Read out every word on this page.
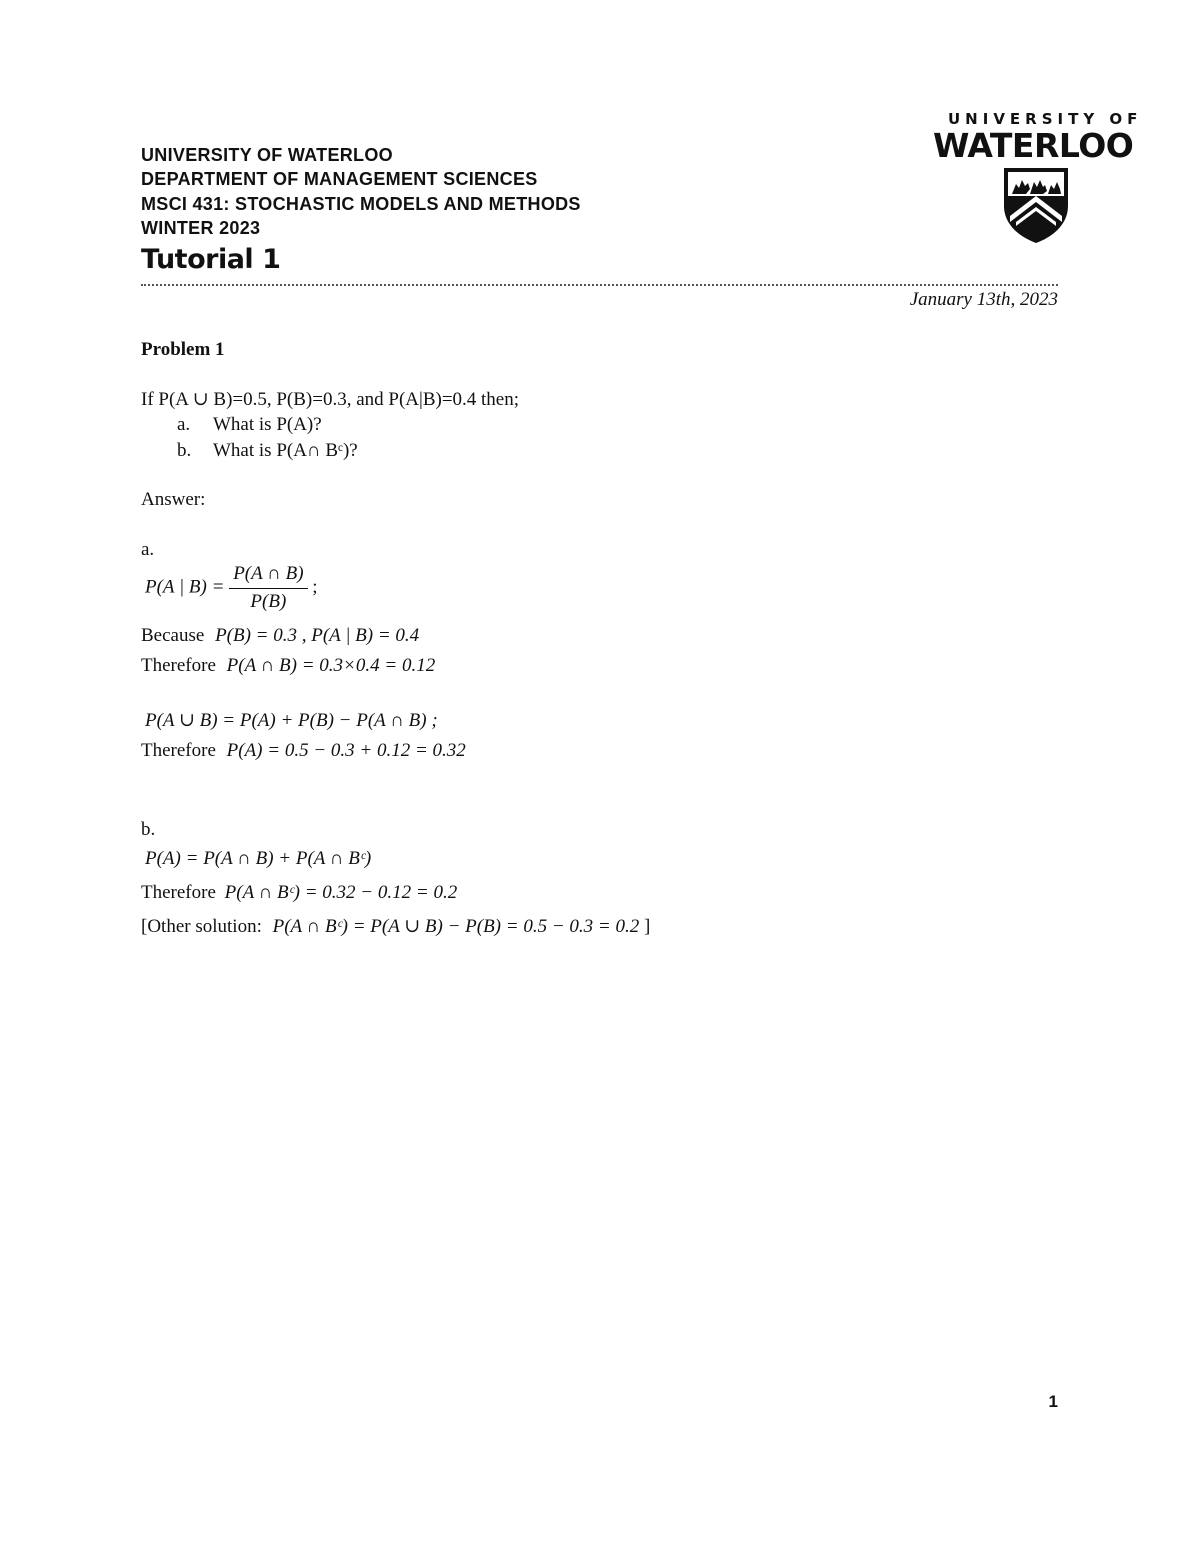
UNIVERSITY OF WATERLOO
DEPARTMENT OF MANAGEMENT SCIENCES
MSCI 431: STOCHASTIC MODELS AND METHODS
WINTER 2023
Tutorial 1
UNIVERSITY OF
WATERLOO
January 13th, 2023
Problem 1
If P(A ∪ B)=0.5, P(B)=0.3, and P(A|B)=0.4 then;
a. What is P(A)?
b. What is P(A∩ Bᶜ)?
Answer:
a.
P(A | $B) = \frac{P(A \cap B)}{P(B)}$ ;
Because P(B) = 0.3 , P(A | B) = 0.4
Therefore P(A ∩ B) = 0.3×0.4 = 0.12
P(A ∪ B) = P(A) + P(B) − P(A ∩ B) ;
Therefore P(A) = 0.5 − 0.3 + 0.12 = 0.32
b.
P(A) = P(A ∩ B) + P(A ∩ Bᶜ)
Therefore P(A ∩ Bᶜ) = 0.32 − 0.12 = 0.2
[Other solution: P(A ∩ Bᶜ) = P(A ∪ B) − P(B) = 0.5 − 0.3 = 0.2 ]
1
